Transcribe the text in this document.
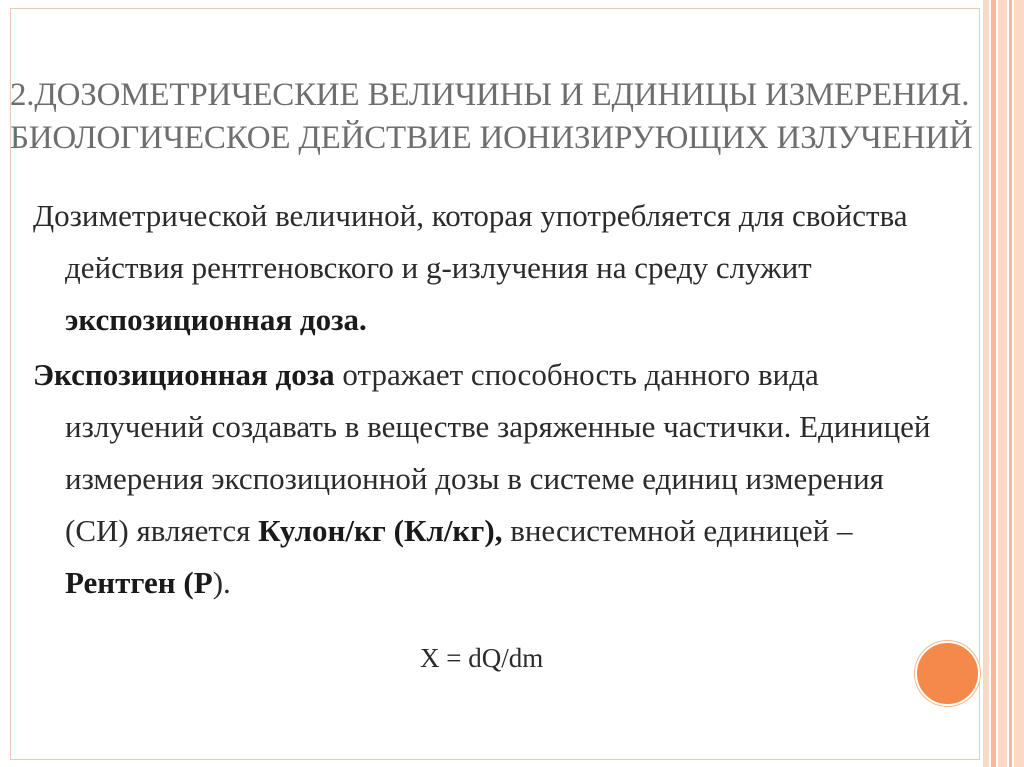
2.ДОЗОМЕТРИЧЕСКИЕ ВЕЛИЧИНЫ И ЕДИНИЦЫ ИЗМЕРЕНИЯ.
БИОЛОГИЧЕСКОЕ ДЕЙСТВИЕ ИОНИЗИРУЮЩИХ ИЗЛУЧЕНИЙ

Дозиметрической величиной, которая употребляется для свойства действия рентгеновского и g-излучения на среду служит экспозиционная доза.

Экспозиционная доза отражает способность данного вида излучений создавать в веществе заряженные частички. Единицей измерения экспозиционной дозы в системе единиц измерения (СИ) является Кулон/кг (Кл/кг), внесистемной единицей – Рентген (Р).

X = dQ/dm
